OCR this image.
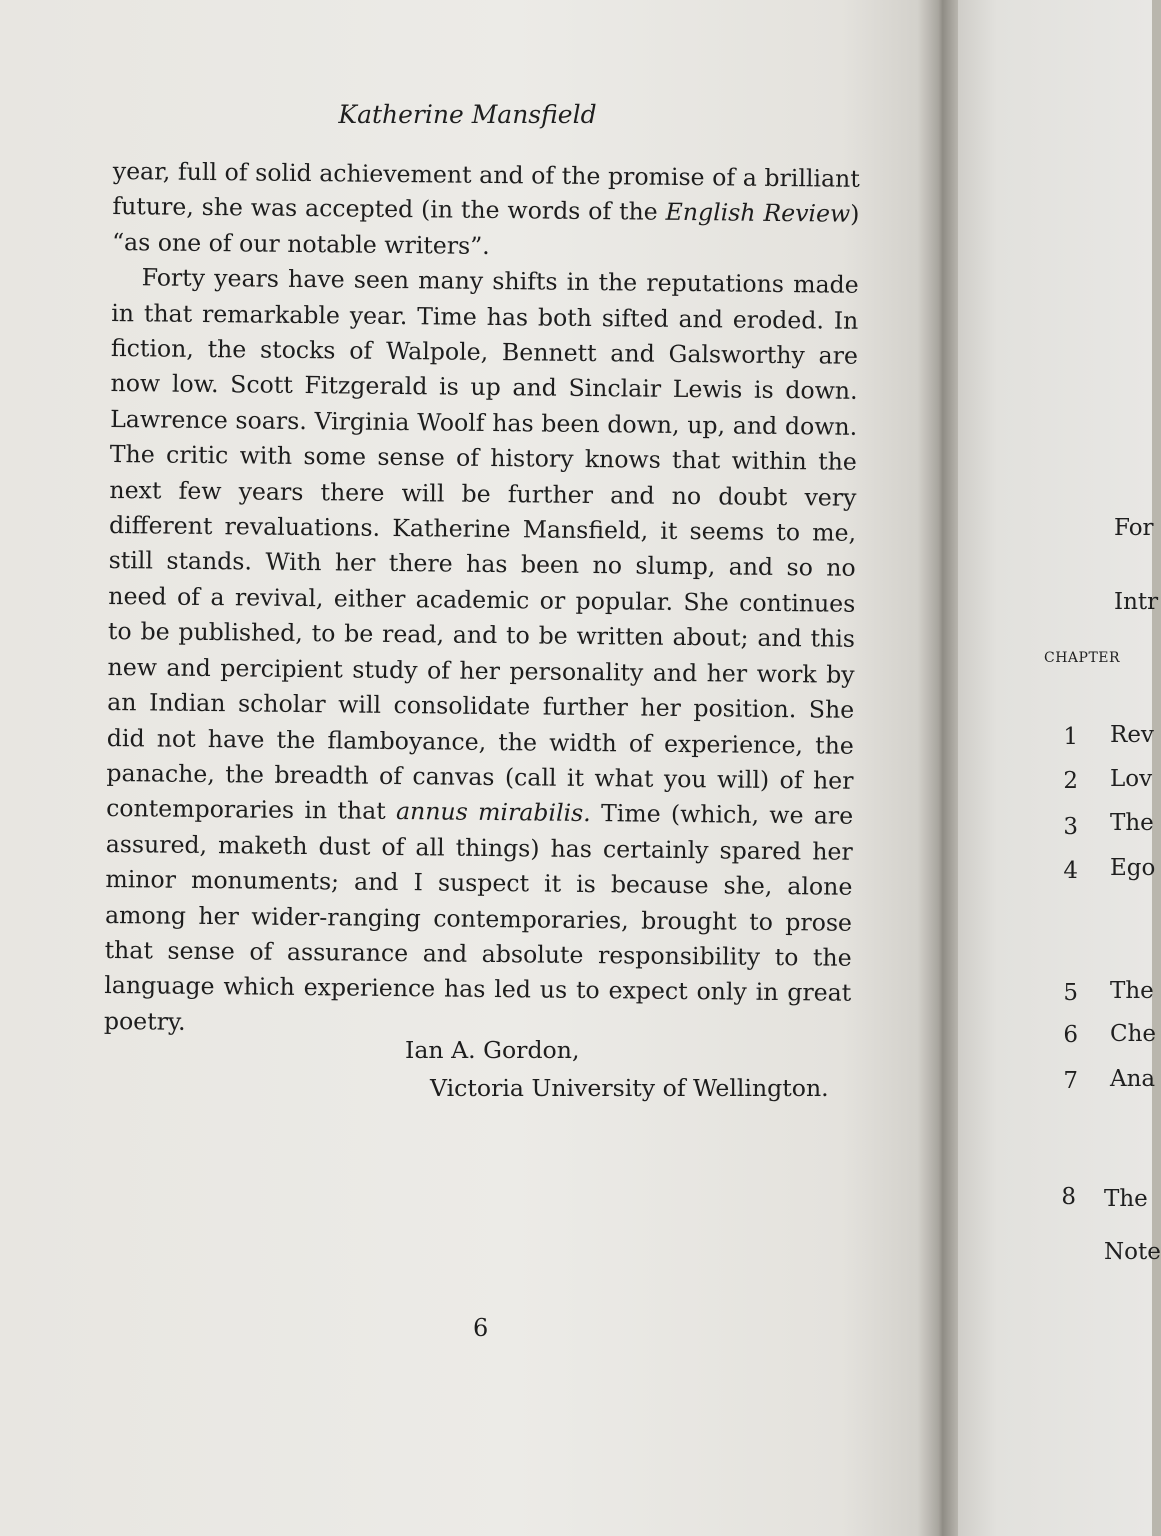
Katherine Mansfield

year, full of solid achievement and of the promise of a brilliant future, she was accepted (in the words of the English Review) “as one of our notable writers”.

Forty years have seen many shifts in the reputations made in that remarkable year. Time has both sifted and eroded. In fiction, the stocks of Walpole, Bennett and Galsworthy are now low. Scott Fitzgerald is up and Sinclair Lewis is down. Lawrence soars. Virginia Woolf has been down, up, and down. The critic with some sense of history knows that within the next few years there will be further and no doubt very different revaluations. Katherine Mansfield, it seems to me, still stands. With her there has been no slump, and so no need of a revival, either academic or popular. She continues to be published, to be read, and to be written about; and this new and percipient study of her personality and her work by an Indian scholar will consolidate further her position. She did not have the flamboyance, the width of experience, the panache, the breadth of canvas (call it what you will) of her contemporaries in that annus mirabilis. Time (which, we are assured, maketh dust of all things) has certainly spared her minor monuments; and I suspect it is because she, alone among her wider-ranging contemporaries, brought to prose that sense of assurance and absolute responsibility to the language which experience has led us to expect only in great poetry.

Ian A. Gordon,
Victoria University of Wellington.
6
For
Intr
CHAPTER
1 Rev
2 Lov
3 The
4 Ego
5 The
6 Che
7 Ana
8 The
Note
